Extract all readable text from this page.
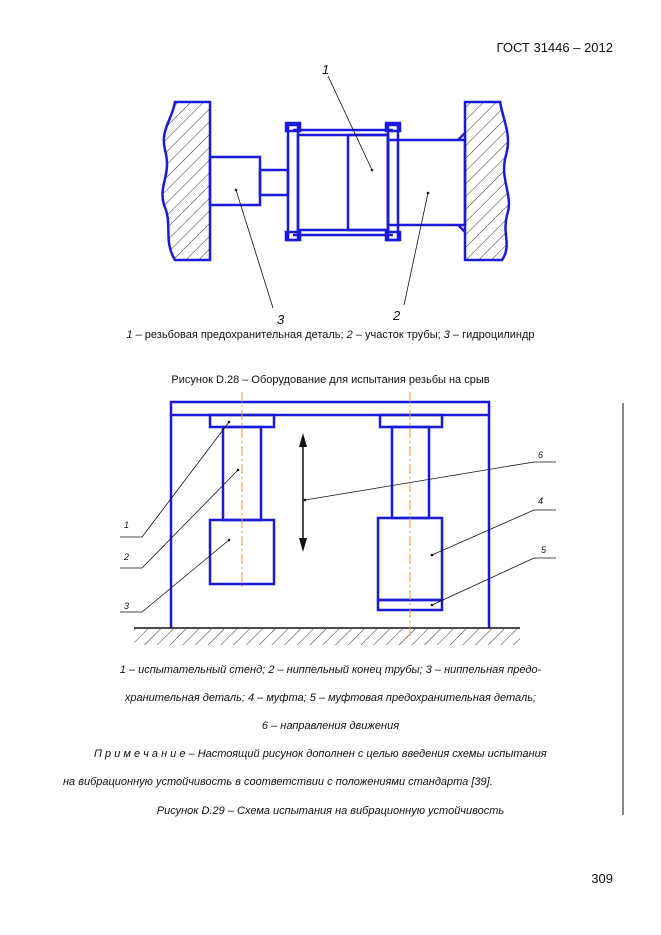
ГОСТ 31446 – 2012
1
3	2
1
2
3
6
4
5
1 – резьбовая предохранительная деталь; 2 – участок трубы; 3 – гидроцилиндр
Рисунок D.28 – Оборудование для испытания резьбы на срыв
1 – испытательный стенд; 2 – ниппельный конец трубы; 3 – ниппельная предо-
хранительная деталь; 4 – муфта; 5 – муфтовая предохранительная деталь;
6 – направления движения
П р и м е ч а н и е – Настоящий рисунок дополнен с целью введения схемы испытания
на вибрационную устойчивость в соответствии с положениями стандарта [39].
Рисунок D.29 – Схема испытания на вибрационную устойчивость
309
